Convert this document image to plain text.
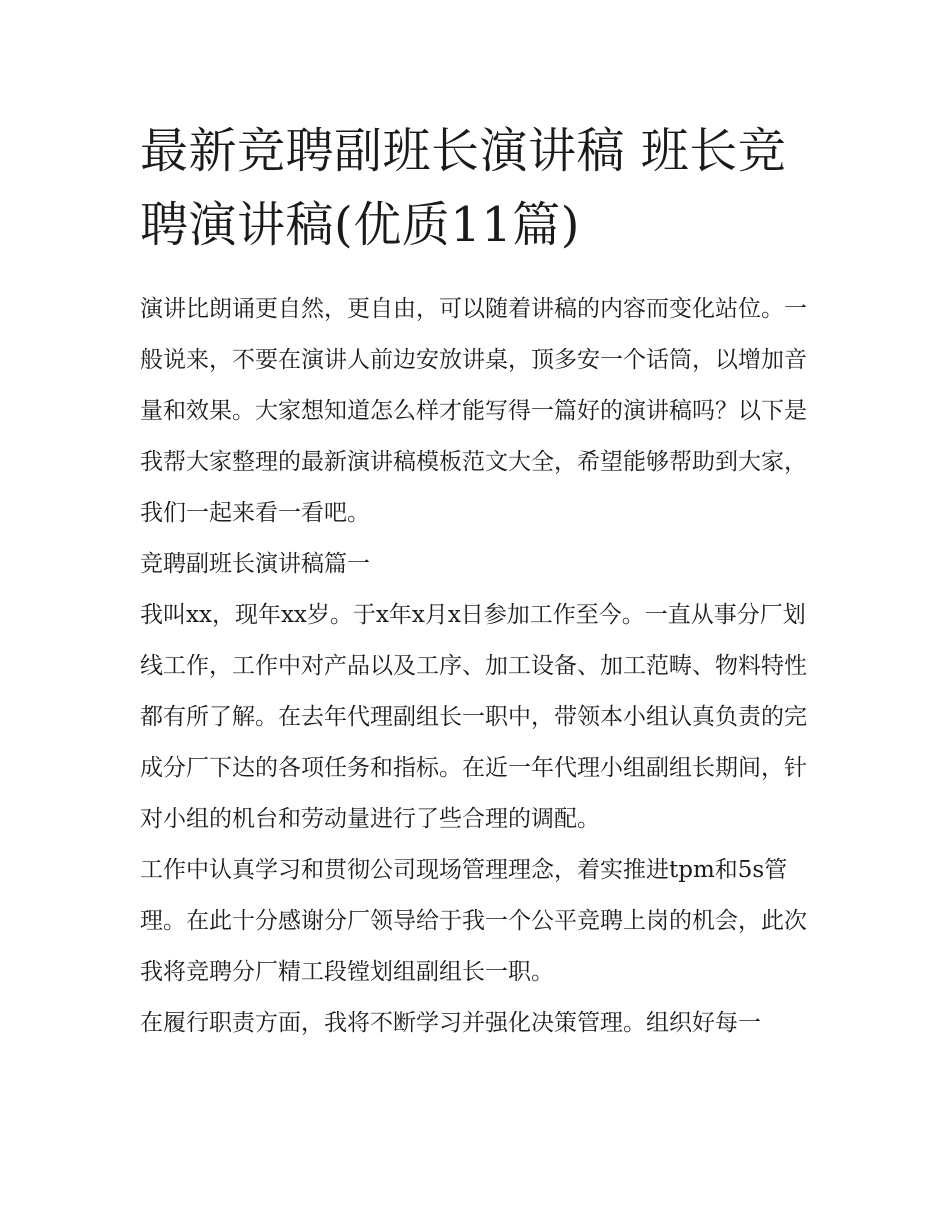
最新竞聘副班长演讲稿 班长竞聘演讲稿(优质11篇)

演讲比朗诵更自然，更自由，可以随着讲稿的内容而变化站位。一般说来，不要在演讲人前边安放讲桌，顶多安一个话筒，以增加音量和效果。大家想知道怎么样才能写得一篇好的演讲稿吗？以下是我帮大家整理的最新演讲稿模板范文大全，希望能够帮助到大家，我们一起来看一看吧。

竞聘副班长演讲稿篇一

我叫xx，现年xx岁。于x年x月x日参加工作至今。一直从事分厂划线工作，工作中对产品以及工序、加工设备、加工范畴、物料特性都有所了解。在去年代理副组长一职中，带领本小组认真负责的完成分厂下达的各项任务和指标。在近一年代理小组副组长期间，针对小组的机台和劳动量进行了些合理的调配。

工作中认真学习和贯彻公司现场管理理念，着实推进tpm和5s管理。在此十分感谢分厂领导给于我一个公平竞聘上岗的机会，此次我将竞聘分厂精工段镗划组副组长一职。

在履行职责方面，我将不断学习并强化决策管理。组织好每一
